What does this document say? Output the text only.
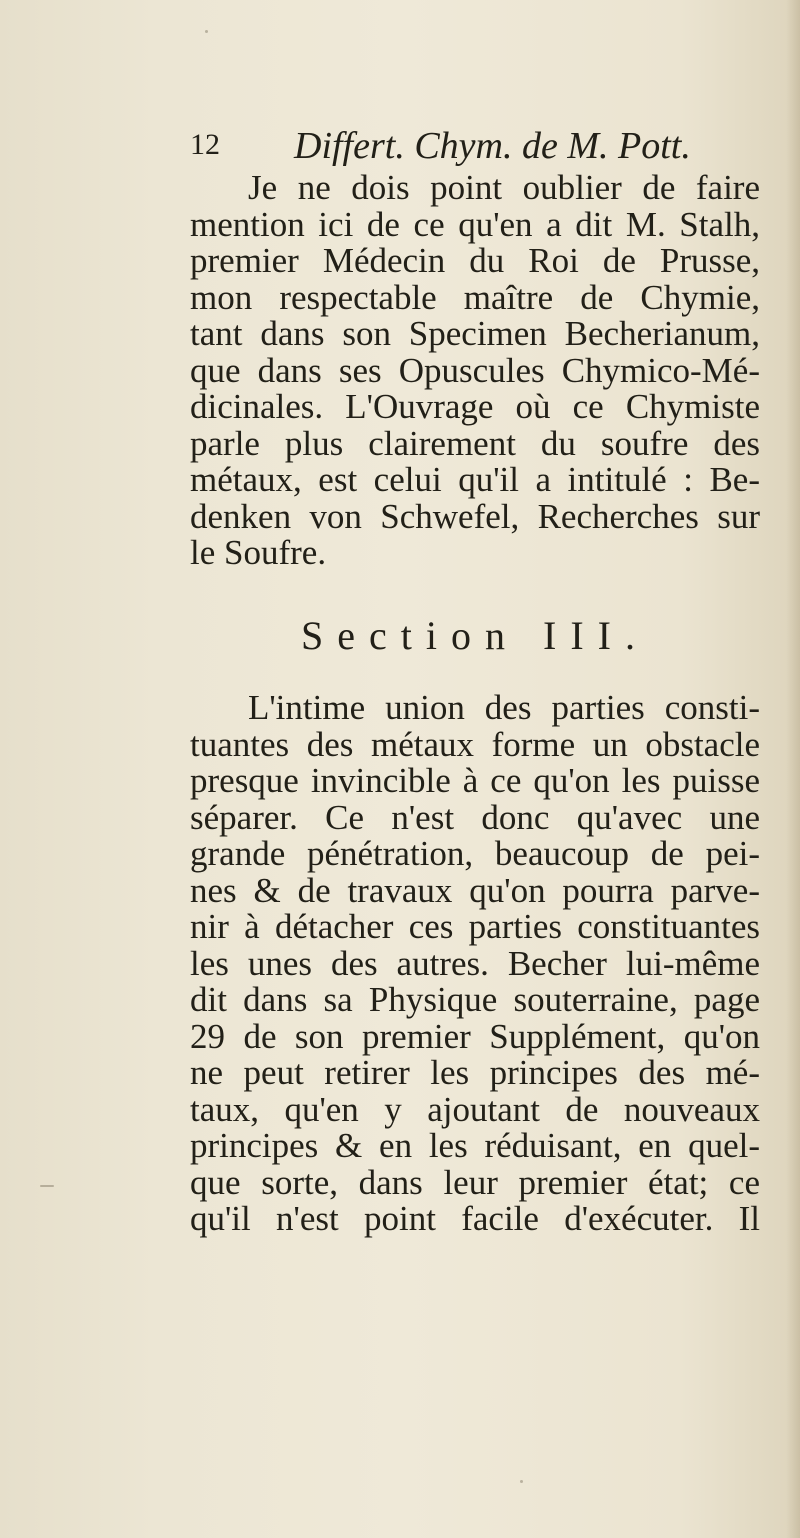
12 Differt. Chym. de M. Pott.
Je ne dois point oublier de faire
mention ici de ce qu'en a dit M. Stalh,
premier Médecin du Roi de Prusse,
mon respectable maître de Chymie,
tant dans son Specimen Becherianum,
que dans ses Opuscules Chymico-Mé-
dicinales. L'Ouvrage où ce Chymiste
parle plus clairement du soufre des
métaux, est celui qu'il a intitulé : Be-
denken von Schwefel, Recherches sur
le Soufre.
Section III.
L'intime union des parties consti-
tuantes des métaux forme un obstacle
presque invincible à ce qu'on les puisse
séparer. Ce n'est donc qu'avec une
grande pénétration, beaucoup de pei-
nes & de travaux qu'on pourra parve-
nir à détacher ces parties constituantes
les unes des autres. Becher lui-même
dit dans sa Physique souterraine, page
29 de son premier Supplément, qu'on
ne peut retirer les principes des mé-
taux, qu'en y ajoutant de nouveaux
principes & en les réduisant, en quel-
que sorte, dans leur premier état; ce
qu'il n'est point facile d'exécuter. Il
